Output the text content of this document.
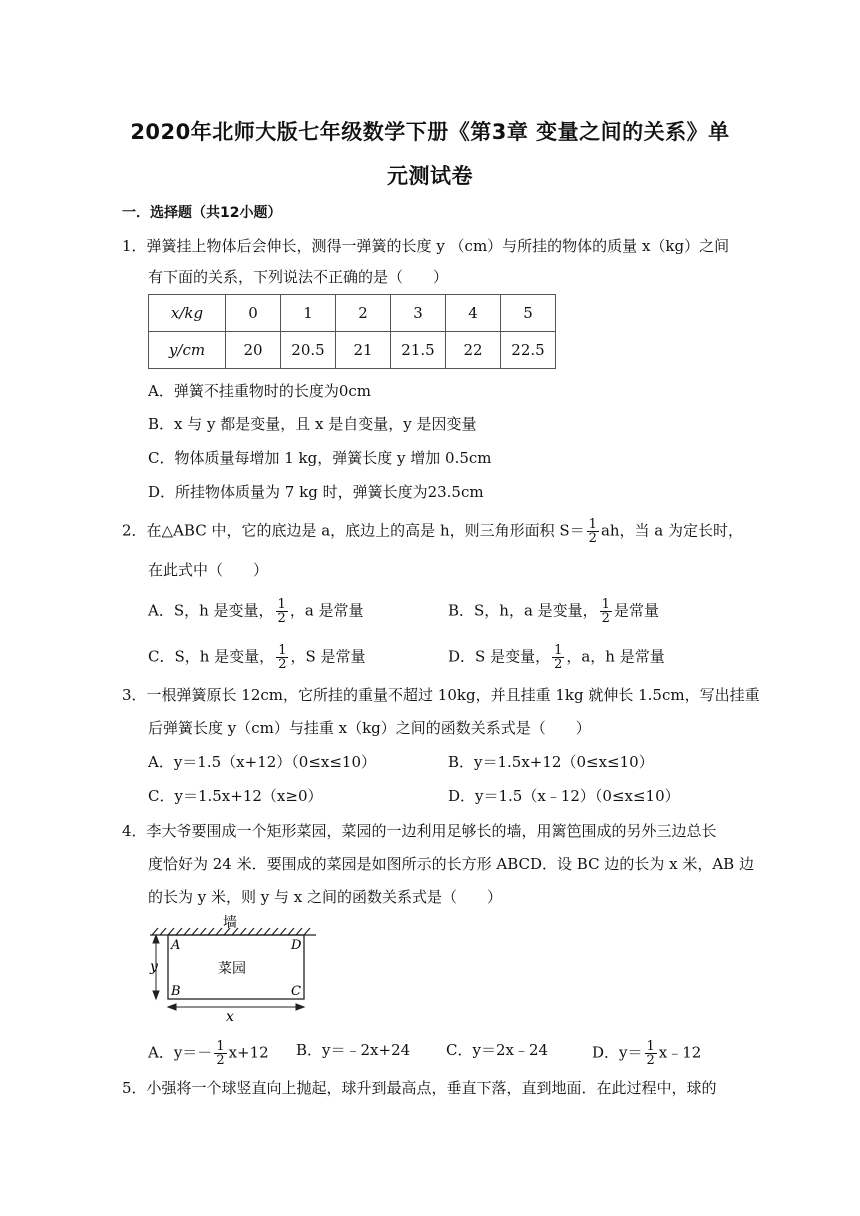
2020年北师大版七年级数学下册《第3章 变量之间的关系》单
元测试卷
一．选择题（共12小题）
1．弹簧挂上物体后会伸长，测得一弹簧的长度 y （cm）与所挂的物体的质量 x（kg）之间
有下面的关系，下列说法不正确的是（　　）
x/kg	0	1	2	3	4	5
y/cm	20	20.5	21	21.5	22	22.5
A．弹簧不挂重物时的长度为0cm
B．x 与 y 都是变量，且 x 是自变量，y 是因变量
C．物体质量每增加 1 kg，弹簧长度 y 增加 0.5cm
D．所挂物体质量为 7 kg 时，弹簧长度为23.5cm
2．在△ABC 中，它的底边是 a，底边上的高是 h，则三角形面积 $S= \frac{1}{2}$ ah，当 a 为定长时，
在此式中（　　）
A．S，h 是变量， $\frac{1}{2}$ ，a 是常量	B．S，h，a 是变量， $\frac{1}{2}$ 是常量
C．S，h 是变量， $\frac{1}{2}$ ，S 是常量	D．S 是变量， $\frac{1}{2}$ ，a，h 是常量
3．一根弹簧原长 12cm，它所挂的重量不超过 10kg，并且挂重 1kg 就伸长 1.5cm，写出挂重
后弹簧长度 y（cm）与挂重 x（kg）之间的函数关系式是（　　）
A．y＝1.5（x+12）（0≤x≤10）	B．y＝1.5x+12（0≤x≤10）
C．y＝1.5x+12（x≥0）	D．y＝1.5（x﹣12）（0≤x≤10）
4．李大爷要围成一个矩形菜园，菜园的一边利用足够长的墙，用篱笆围成的另外三边总长
度恰好为 24 米．要围成的菜园是如图所示的长方形 ABCD．设 BC 边的长为 x 米，AB 边
的长为 y 米，则 y 与 x 之间的函数关系式是（　　）
墙
A	D
B	C
菜园
y
x
A．$y=- \frac{1}{2} x+12$ B．y＝﹣2x+24 C．y＝2x﹣24	D．$y= \frac{1}{2}$ x﹣12
5．小强将一个球竖直向上抛起，球升到最高点，垂直下落，直到地面．在此过程中，球的
